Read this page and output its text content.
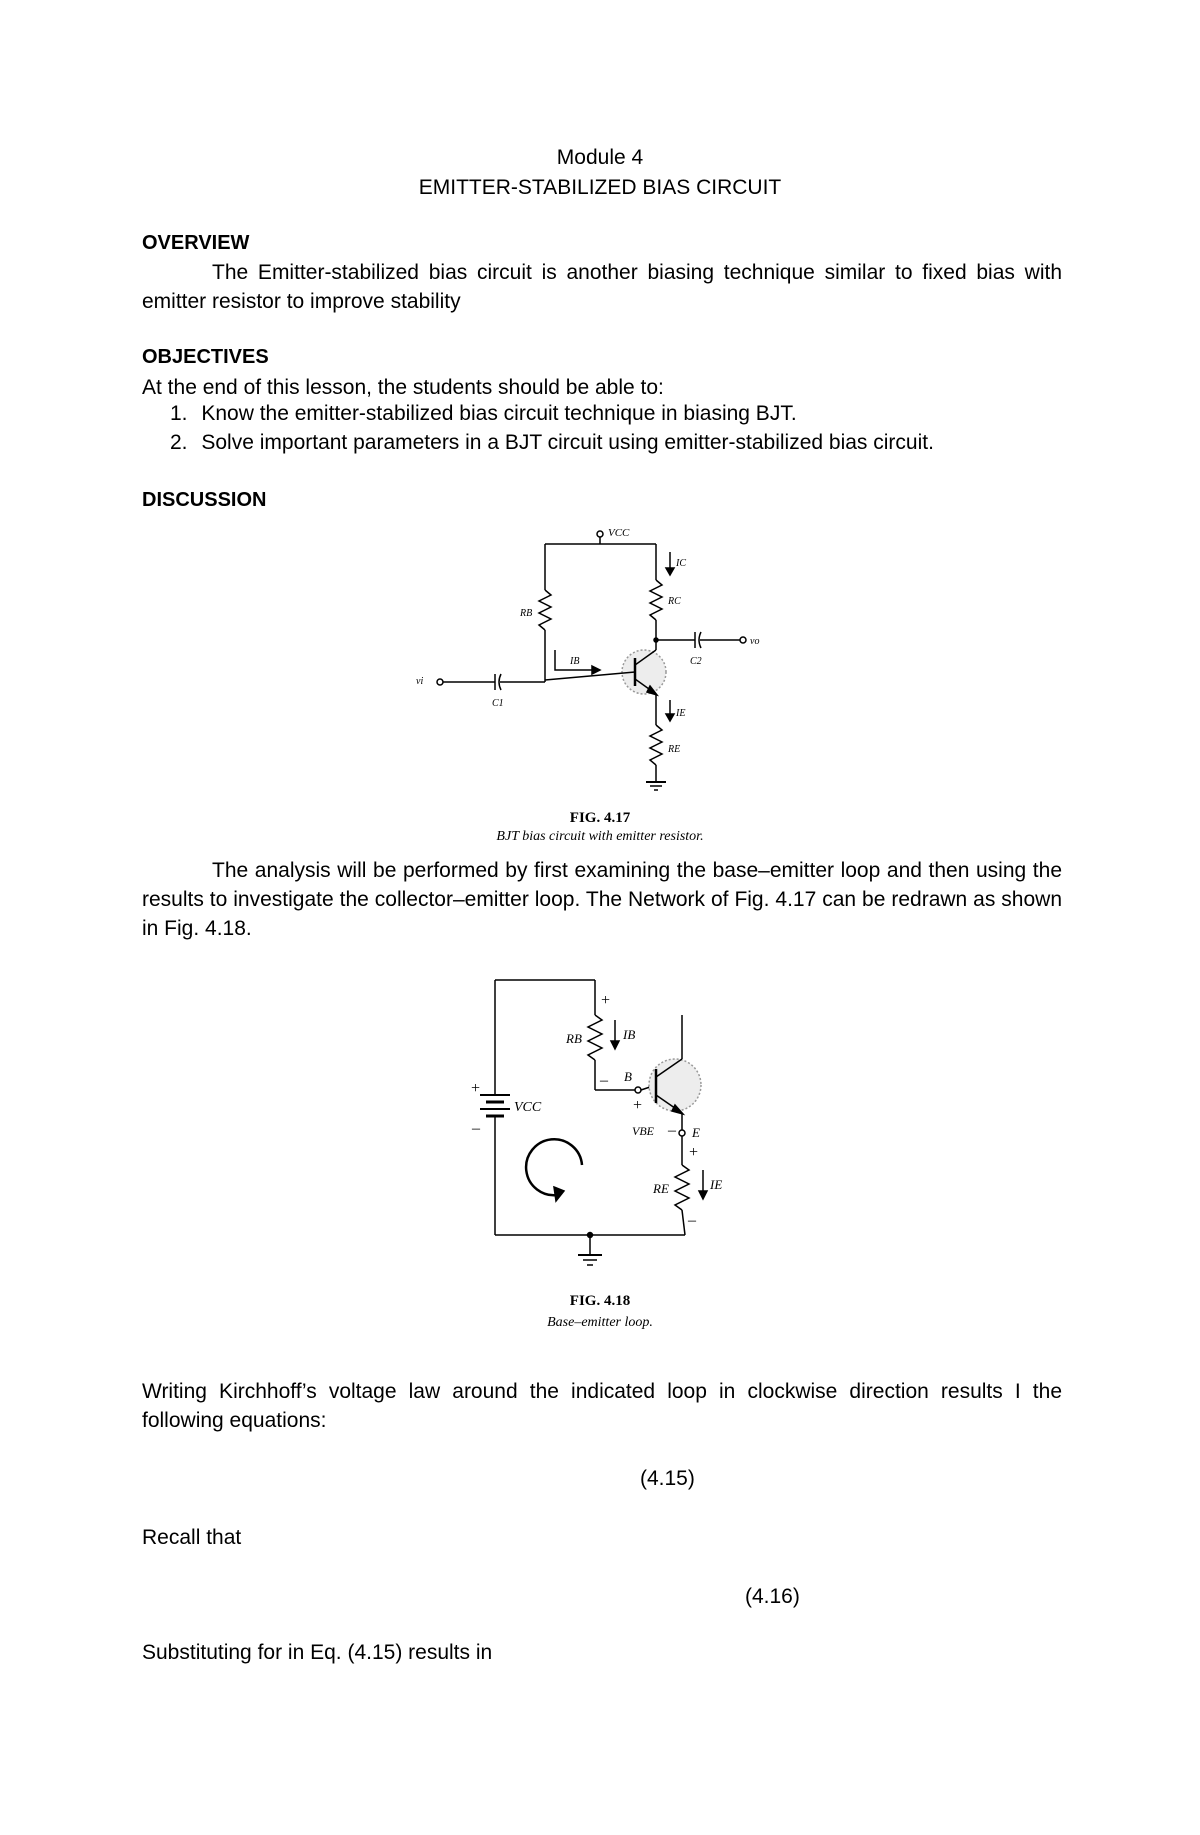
Module 4
EMITTER-STABILIZED BIAS CIRCUIT
OVERVIEW
The Emitter-stabilized bias circuit is another biasing technique similar to fixed bias with emitter resistor to improve stability
OBJECTIVES
At the end of this lesson, the students should be able to:
1. Know the emitter-stabilized bias circuit technique in biasing BJT.
2. Solve important parameters in a BJT circuit using emitter-stabilized bias circuit.
DISCUSSION
VCC
RB
RC
IC
vo
C2
IB
vi
C1
RE
IE
FIG. 4.17
BJT bias circuit with emitter resistor.
The analysis will be performed by first examining the base–emitter loop and then using the results to investigate the collector–emitter loop. The Network of Fig. 4.17 can be redrawn as shown in Fig. 4.18.
+
–
VCC
RB
+
–
IB
B
+
VBE – E
+
RE
–
IE
FIG. 4.18
Base–emitter loop.
Writing Kirchhoff’s voltage law around the indicated loop in clockwise direction results I the following equations:
(4.15)
Recall that
(4.16)
Substituting for in Eq. (4.15) results in
